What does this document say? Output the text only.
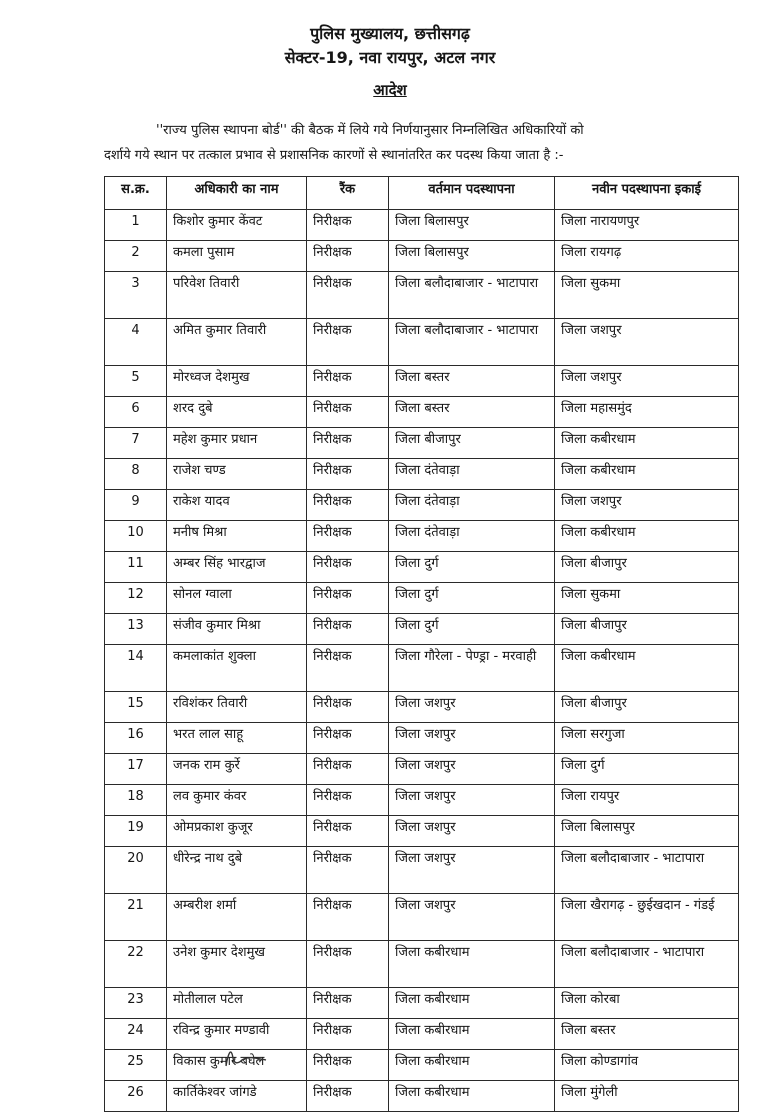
पुलिस मुख्यालय, छत्तीसगढ़
सेक्टर-19, नवा रायपुर, अटल नगर
आदेश
''राज्य पुलिस स्थापना बोर्ड'' की बैठक में लिये गये निर्णयानुसार निम्नलिखित अधिकारियों को
दर्शाये गये स्थान पर तत्काल प्रभाव से प्रशासनिक कारणों से स्थानांतरित कर पदस्थ किया जाता है :-
स.क्र.	अधिकारी का नाम	रैंक	वर्तमान पदस्थापना	नवीन पदस्थापना इकाई
1	किशोर कुमार केंवट	निरीक्षक	जिला बिलासपुर	जिला नारायणपुर
2	कमला पुसाम	निरीक्षक	जिला बिलासपुर	जिला रायगढ़
3	परिवेश तिवारी	निरीक्षक	जिला बलौदाबाजार - भाटापारा	जिला सुकमा
4	अमित कुमार तिवारी	निरीक्षक	जिला बलौदाबाजार - भाटापारा	जिला जशपुर
5	मोरध्वज देशमुख	निरीक्षक	जिला बस्तर	जिला जशपुर
6	शरद दुबे	निरीक्षक	जिला बस्तर	जिला महासमुंद
7	महेश कुमार प्रधान	निरीक्षक	जिला बीजापुर	जिला कबीरधाम
8	राजेश चण्ड	निरीक्षक	जिला दंतेवाड़ा	जिला कबीरधाम
9	राकेश यादव	निरीक्षक	जिला दंतेवाड़ा	जिला जशपुर
10	मनीष मिश्रा	निरीक्षक	जिला दंतेवाड़ा	जिला कबीरधाम
11	अम्बर सिंह भारद्वाज	निरीक्षक	जिला दुर्ग	जिला बीजापुर
12	सोनल ग्वाला	निरीक्षक	जिला दुर्ग	जिला सुकमा
13	संजीव कुमार मिश्रा	निरीक्षक	जिला दुर्ग	जिला बीजापुर
14	कमलाकांत शुक्ला	निरीक्षक	जिला गौरेला - पेण्ड्रा - मरवाही	जिला कबीरधाम
15	रविशंकर तिवारी	निरीक्षक	जिला जशपुर	जिला बीजापुर
16	भरत लाल साहू	निरीक्षक	जिला जशपुर	जिला सरगुजा
17	जनक राम कुर्रे	निरीक्षक	जिला जशपुर	जिला दुर्ग
18	लव कुमार कंवर	निरीक्षक	जिला जशपुर	जिला रायपुर
19	ओमप्रकाश कुजूर	निरीक्षक	जिला जशपुर	जिला बिलासपुर
20	धीरेन्द्र नाथ दुबे	निरीक्षक	जिला जशपुर	जिला बलौदाबाजार - भाटापारा
21	अम्बरीश शर्मा	निरीक्षक	जिला जशपुर	जिला खैरागढ़ - छुईखदान - गंडई
22	उनेश कुमार देशमुख	निरीक्षक	जिला कबीरधाम	जिला बलौदाबाजार - भाटापारा
23	मोतीलाल पटेल	निरीक्षक	जिला कबीरधाम	जिला कोरबा
24	रविन्द्र कुमार मण्डावी	निरीक्षक	जिला कबीरधाम	जिला बस्तर
25	विकास कुमार बघेल	निरीक्षक	जिला कबीरधाम	जिला कोण्डागांव
26	कार्तिकेश्वर जांगडे	निरीक्षक	जिला कबीरधाम	जिला मुंगेली
